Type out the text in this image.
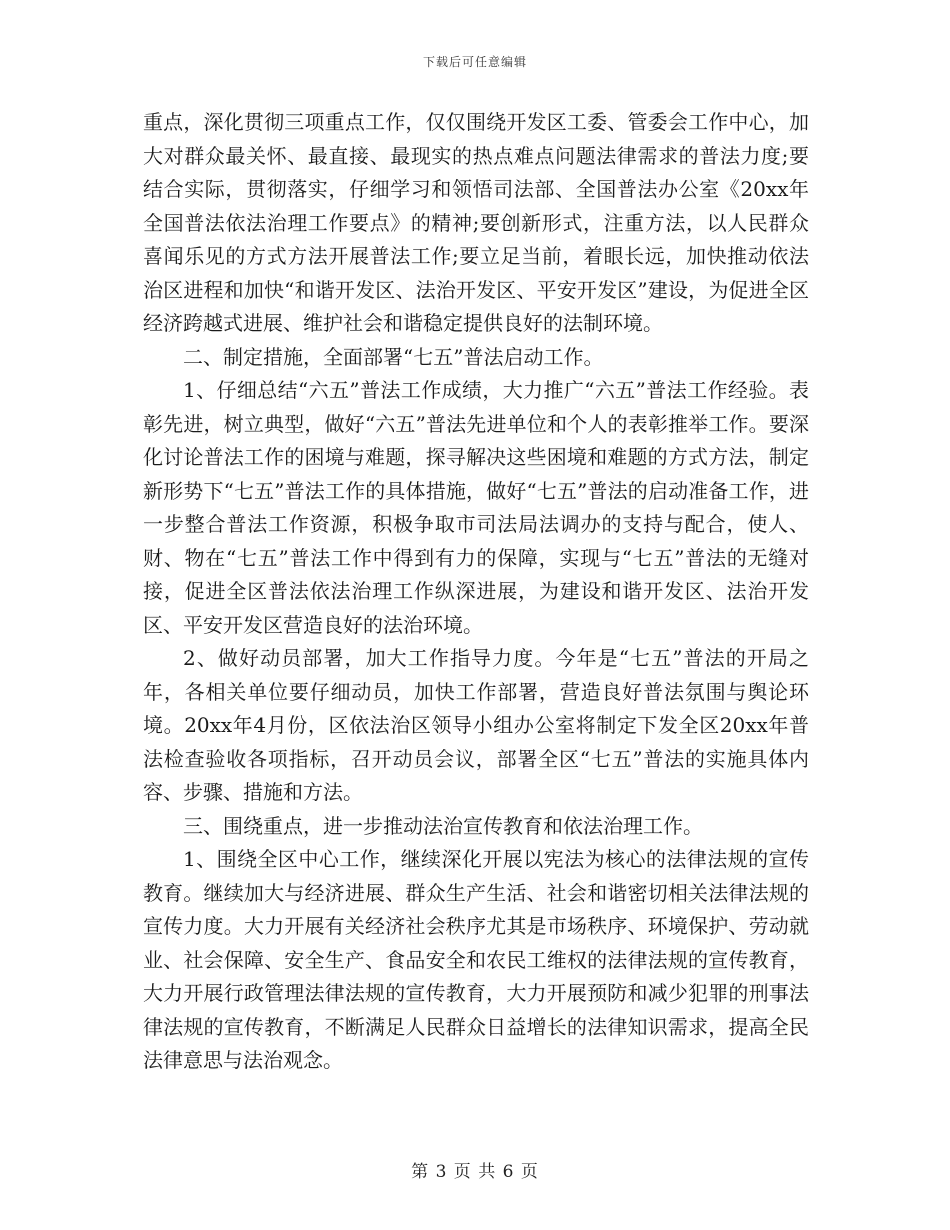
下载后可任意编辑

重点，深化贯彻三项重点工作，仅仅围绕开发区工委、管委会工作中心，加大对群众最关怀、最直接、最现实的热点难点问题法律需求的普法力度;要结合实际，贯彻落实，仔细学习和领悟司法部、全国普法办公室《20xx年全国普法依法治理工作要点》的精神;要创新形式，注重方法，以人民群众喜闻乐见的方式方法开展普法工作;要立足当前，着眼长远，加快推动依法治区进程和加快“和谐开发区、法治开发区、平安开发区”建设，为促进全区经济跨越式进展、维护社会和谐稳定提供良好的法制环境。

二、制定措施，全面部署“七五”普法启动工作。

1、仔细总结“六五”普法工作成绩，大力推广“六五”普法工作经验。表彰先进，树立典型，做好“六五”普法先进单位和个人的表彰推举工作。要深化讨论普法工作的困境与难题，探寻解决这些困境和难题的方式方法，制定新形势下“七五”普法工作的具体措施，做好“七五”普法的启动准备工作，进一步整合普法工作资源，积极争取市司法局法调办的支持与配合，使人、财、物在“七五”普法工作中得到有力的保障，实现与“七五”普法的无缝对接，促进全区普法依法治理工作纵深进展，为建设和谐开发区、法治开发区、平安开发区营造良好的法治环境。

2、做好动员部署，加大工作指导力度。今年是“七五”普法的开局之年，各相关单位要仔细动员，加快工作部署，营造良好普法氛围与舆论环境。20xx年4月份，区依法治区领导小组办公室将制定下发全区20xx年普法检查验收各项指标，召开动员会议，部署全区“七五”普法的实施具体内容、步骤、措施和方法。

三、围绕重点，进一步推动法治宣传教育和依法治理工作。

1、围绕全区中心工作，继续深化开展以宪法为核心的法律法规的宣传教育。继续加大与经济进展、群众生产生活、社会和谐密切相关法律法规的宣传力度。大力开展有关经济社会秩序尤其是市场秩序、环境保护、劳动就业、社会保障、安全生产、食品安全和农民工维权的法律法规的宣传教育，大力开展行政管理法律法规的宣传教育，大力开展预防和减少犯罪的刑事法律法规的宣传教育，不断满足人民群众日益增长的法律知识需求，提高全民法律意思与法治观念。

第 3 页 共 6 页
